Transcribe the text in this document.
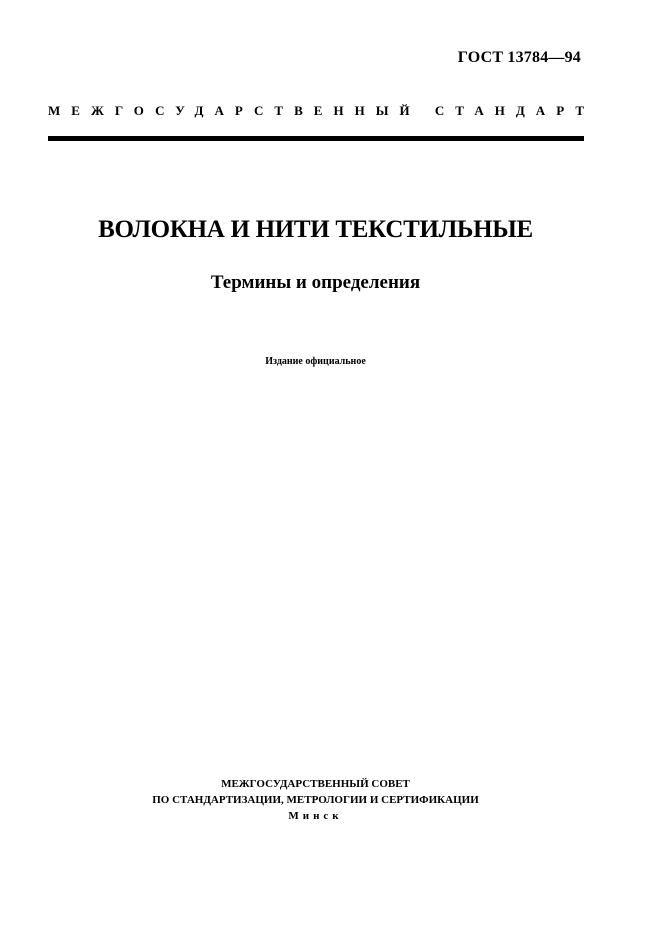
ГОСТ 13784—94
МЕЖГОСУДАРСТВЕННЫЙ СТАНДАРТ
ВОЛОКНА И НИТИ ТЕКСТИЛЬНЫЕ
Термины и определения
Издание официальное
МЕЖГОСУДАРСТВЕННЫЙ СОВЕТ
ПО СТАНДАРТИЗАЦИИ, МЕТРОЛОГИИ И СЕРТИФИКАЦИИ
Минск
